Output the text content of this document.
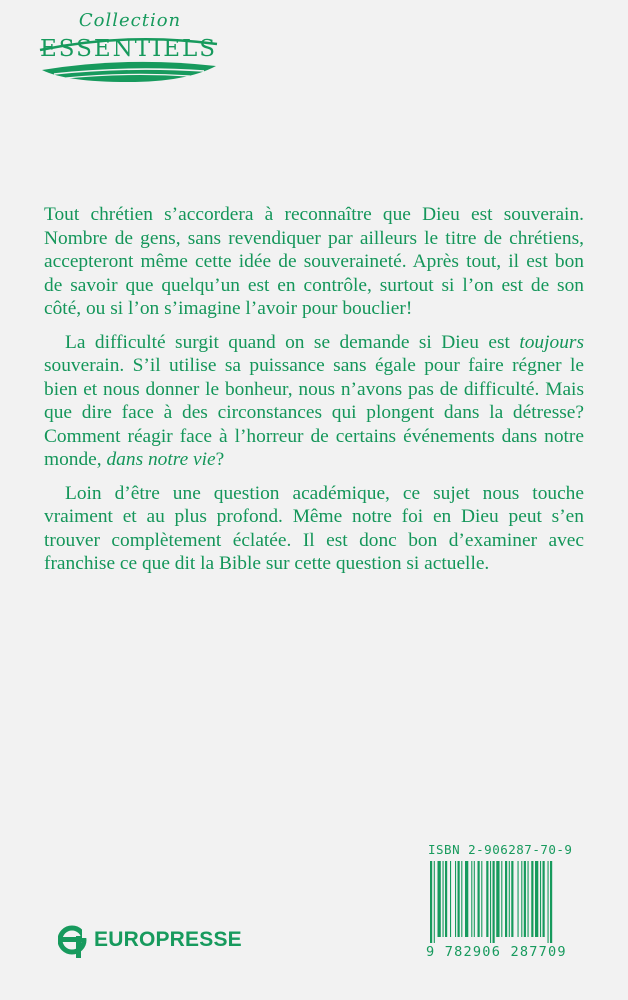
Collection
ESSENTIELS

Tout chrétien s’accordera à reconnaître que Dieu est souverain. Nombre de gens, sans revendiquer par ailleurs le titre de chrétiens, accepteront même cette idée de souveraineté. Après tout, il est bon de savoir que quelqu’un est en contrôle, surtout si l’on est de son côté, ou si l’on s’imagine l’avoir pour bouclier!

La difficulté surgit quand on se demande si Dieu est toujours souverain. S’il utilise sa puissance sans égale pour faire régner le bien et nous donner le bonheur, nous n’avons pas de difficulté. Mais que dire face à des circonstances qui plongent dans la détresse? Comment réagir face à l’horreur de certains événements dans notre monde, dans notre vie?

Loin d’être une question académique, ce sujet nous touche vraiment et au plus profond. Même notre foi en Dieu peut s’en trouver complètement éclatée. Il est donc bon d’examiner avec franchise ce que dit la Bible sur cette question si actuelle.

ISBN 2-906287-70-9
9 782906 287709
EUROPRESSE
